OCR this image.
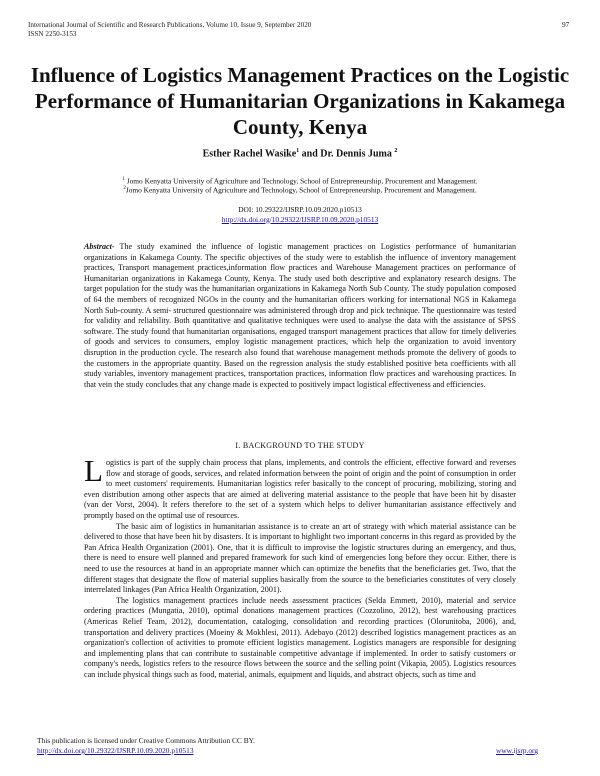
International Journal of Scientific and Research Publications, Volume 10, Issue 9, September 2020
ISSN 2250-3153
97
Influence of Logistics Management Practices on the Logistic Performance of Humanitarian Organizations in Kakamega County, Kenya
Esther Rachel Wasike$^1$ and Dr. Dennis Juma $^2$
$^1$ Jomo Kenyatta University of Agriculture and Technology, School of Entrepreneurship, Procurement and Management.
$^2$Jomo Kenyatta University of Agriculture and Technology, School of Entrepreneurship, Procurement and Management.
DOI: 10.29322/IJSRP.10.09.2020.p10513
http://dx.doi.org/10.29322/IJSRP.10.09.2020.p10513
Abstract- The study examined the influence of logistic management practices on Logistics performance of humanitarian organizations in Kakamega County. The specific objectives of the study were to establish the influence of inventory management practices, Transport management practices,information flow practices and Warehouse Management practices on performance of Humanitarian organizations in Kakamega County, Kenya. The study used both descriptive and explanatory research designs. The target population for the study was the humanitarian organizations in Kakamega North Sub County. The study population composed of 64 the members of recognized NGOs in the county and the humanitarian officers working for international NGS in Kakamega North Sub-county. A semi- structured questionnaire was administered through drop and pick technique. The questionnaire was tested for validity and reliability. Both quantitative and qualitative techniques were used to analyse the data with the assistance of SPSS software. The study found that humanitarian organisations, engaged transport management practices that allow for timely deliveries of goods and services to consumers, employ logistic management practices, which help the organization to avoid inventory disruption in the production cycle. The research also found that warehouse management methods promote the delivery of goods to the customers in the appropriate quantity. Based on the regression analysis the study established positive beta coefficients with all study variables, inventory management practices, transportation practices, information flow practices and warehousing practices. In that vein the study concludes that any change made is expected to positively impact logistical effectiveness and efficiencies.
I. BACKGROUND TO THE STUDY

Logistics is part of the supply chain process that plans, implements, and controls the efficient, effective forward and reverses flow and storage of goods, services, and related information between the point of origin and the point of consumption in order to meet customers' requirements. Humanitarian logistics refer basically to the concept of procuring, mobilizing, storing and even distribution among other aspects that are aimed at delivering material assistance to the people that have been hit by disaster (van der Vorst, 2004). It refers therefore to the set of a system which helps to deliver humanitarian assistance effectively and promptly based on the optimal use of resources.

The basic aim of logistics in humanitarian assistance is to create an art of strategy with which material assistance can be delivered to those that have been hit by disasters. It is important to highlight two important concerns in this regard as provided by the Pan Africa Health Organization (2001). One, that it is difficult to improvise the logistic structures during an emergency, and thus, there is need to ensure well planned and prepared framework for such kind of emergencies long before they occur. Either, there is need to use the resources at hand in an appropriate manner which can optimize the benefits that the beneficiaries get. Two, that the different stages that designate the flow of material supplies basically from the source to the beneficiaries constitutes of very closely interrelated linkages (Pan Africa Health Organization, 2001).

The logistics management practices include needs assessment practices (Selda Emmett, 2010), material and service ordering practices (Mungatia, 2010), optimal donations management practices (Cozzolino, 2012), best warehousing practices (Americas Relief Team, 2012), documentation, cataloging, consolidation and recording practices (Olorunitoba, 2006), and, transportation and delivery practices (Moeiny & Mokhlesi, 2011). Adebayo (2012) described logistics management practices as an organization's collection of activities to promote efficient logistics management. Logistics managers are responsible for designing and implementing plans that can contribute to sustainable competitive advantage if implemented. In order to satisfy customers or company's needs, logistics refers to the resource flows between the source and the selling point (Vikapia, 2005). Logistics resources can include physical things such as food, material, animals, equipment and liquids, and abstract objects, such as time and

This publication is licensed under Creative Commons Attribution CC BY.
http://dx.doi.org/10.29322/IJSRP.10.09.2020.p10513	www.ijsrp.org
